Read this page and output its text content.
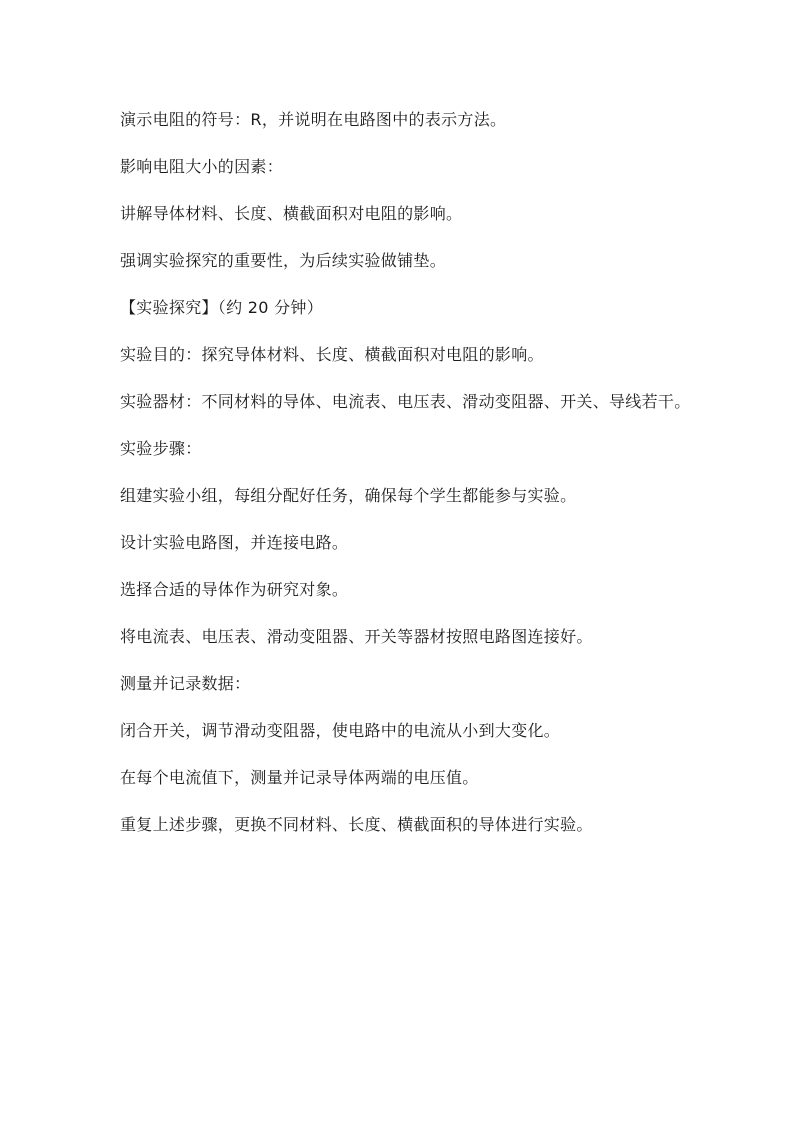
演示电阻的符号：R，并说明在电路图中的表示方法。

影响电阻大小的因素：

讲解导体材料、长度、横截面积对电阻的影响。

强调实验探究的重要性，为后续实验做铺垫。

【实验探究】（约 20 分钟）

实验目的：探究导体材料、长度、横截面积对电阻的影响。

实验器材：不同材料的导体、电流表、电压表、滑动变阻器、开关、导线若干。

实验步骤：

组建实验小组，每组分配好任务，确保每个学生都能参与实验。

设计实验电路图，并连接电路。

选择合适的导体作为研究对象。

将电流表、电压表、滑动变阻器、开关等器材按照电路图连接好。

测量并记录数据：

闭合开关，调节滑动变阻器，使电路中的电流从小到大变化。

在每个电流值下，测量并记录导体两端的电压值。

重复上述步骤，更换不同材料、长度、横截面积的导体进行实验。
